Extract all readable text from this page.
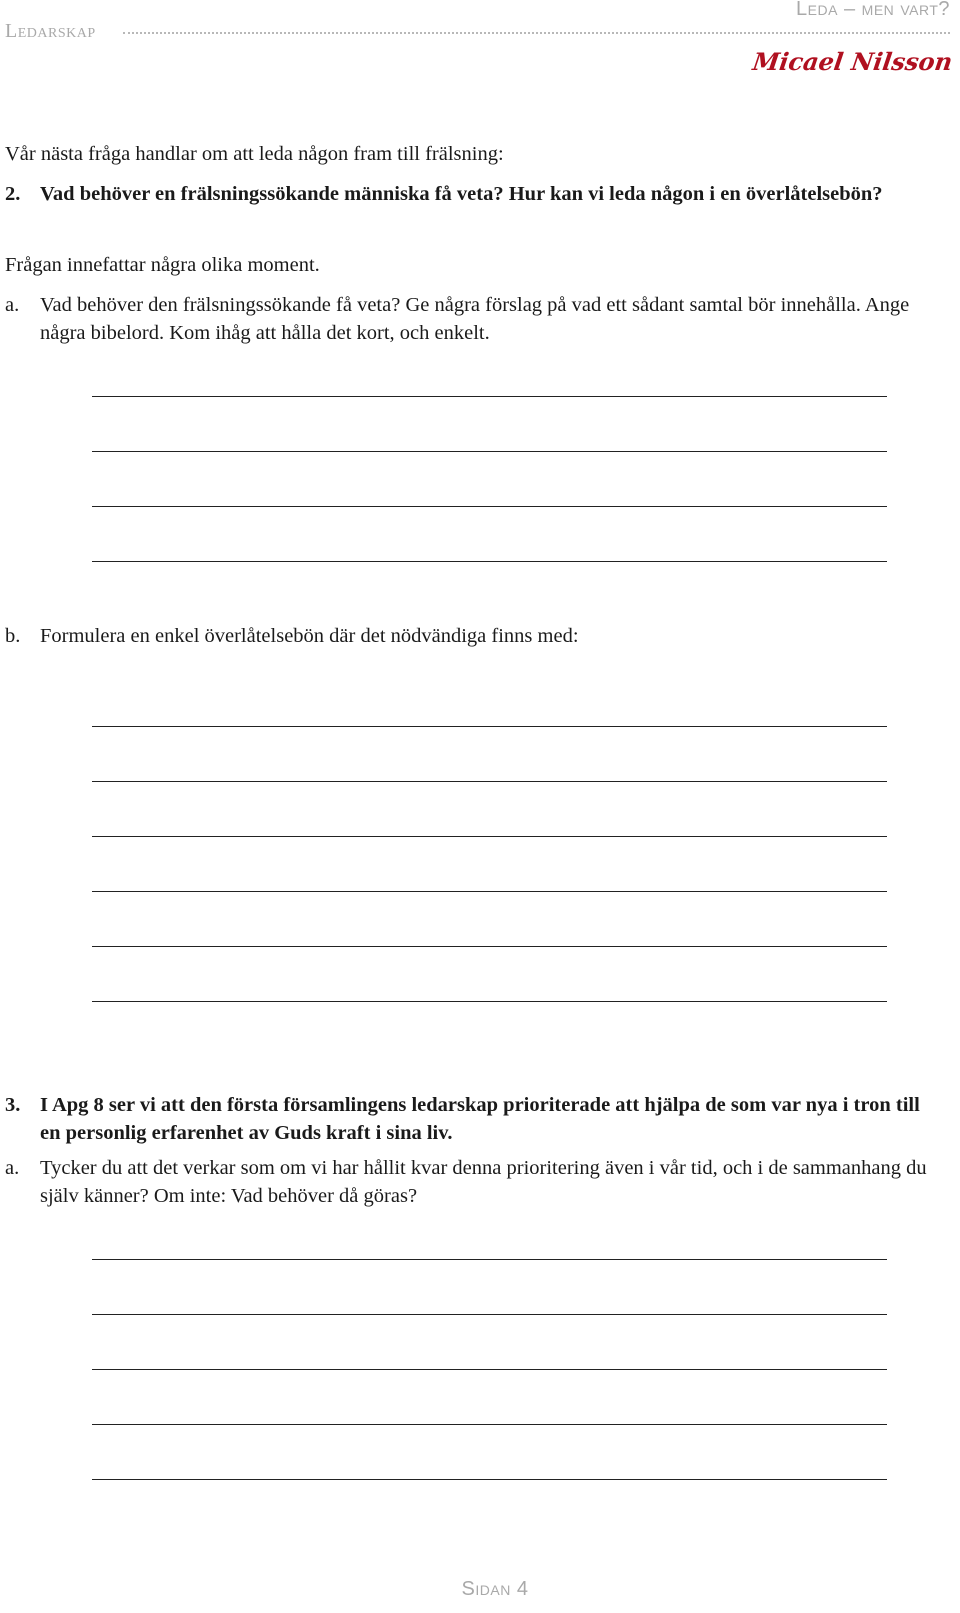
Ledarskap
Leda – men vart?
Micael Nilsson
Vår nästa fråga handlar om att leda någon fram till frälsning:
2. Vad behöver en frälsningssökande människa få veta? Hur kan vi leda någon i en överlåtelsebön?
Frågan innefattar några olika moment.
a. Vad behöver den frälsningssökande få veta? Ge några förslag på vad ett sådant samtal bör innehålla. Ange några bibelord. Kom ihåg att hålla det kort, och enkelt.
b. Formulera en enkel överlåtelsebön där det nödvändiga finns med:
3. I Apg 8 ser vi att den första församlingens ledarskap prioriterade att hjälpa de som var nya i tron till en personlig erfarenhet av Guds kraft i sina liv.
a. Tycker du att det verkar som om vi har hållit kvar denna prioritering även i vår tid, och i de sammanhang du själv känner? Om inte: Vad behöver då göras?
Sidan 4
